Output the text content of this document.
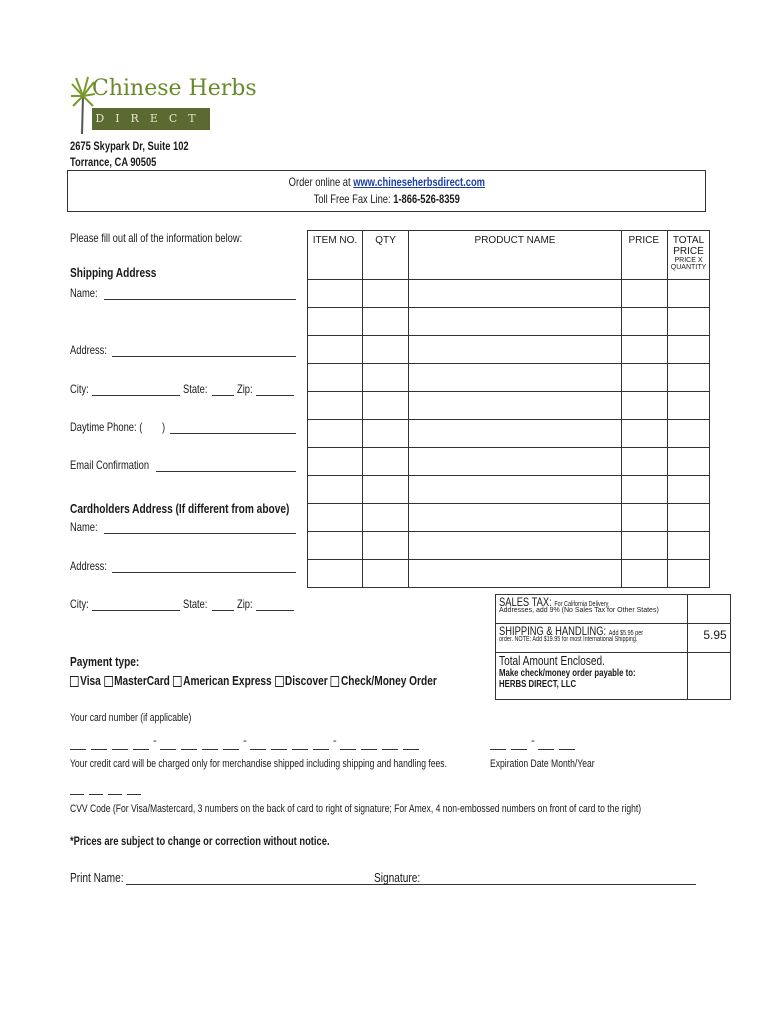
Chinese Herbs
DIRECT
2675 Skypark Dr, Suite 102
Torrance, CA 90505
Order online at www.chineseherbsdirect.com
Toll Free Fax Line: 1-866-526-8359
Please fill out all of the information below:
Shipping Address
Name:
Address:
City:	State: Zip:
Daytime Phone: ( )
Email Confirmation
Cardholders Address (If different from above)
Name:
Address:
City:	State: Zip:
ITEM NO.	QTY	PRODUCT NAME	PRICE	TOTAL PRICE
PRICE X QUANTITY

SALES TAX: For California Delivery
Addresses, add 9% (No Sales Tax for Other States)	

SHIPPING & HANDLING: Add $5.95 per
order. NOTE: Add $19.95 for most International Shipping.	5.95

Total Amount Enclosed.
Make check/money order payable to:
HERBS DIRECT, LLC	

Payment type:
Visa MasterCard American Express Discover Check/Money Order
Your card number (if applicable)
-	-	-	-
Your credit card will be charged only for merchandise shipped including shipping and handling fees.	Expiration Date Month/Year
CVV Code (For Visa/Mastercard, 3 numbers on the back of card to right of signature; For Amex, 4 non-embossed numbers on front of card to the right)
*Prices are subject to change or correction without notice.
Print Name:	Signature:
